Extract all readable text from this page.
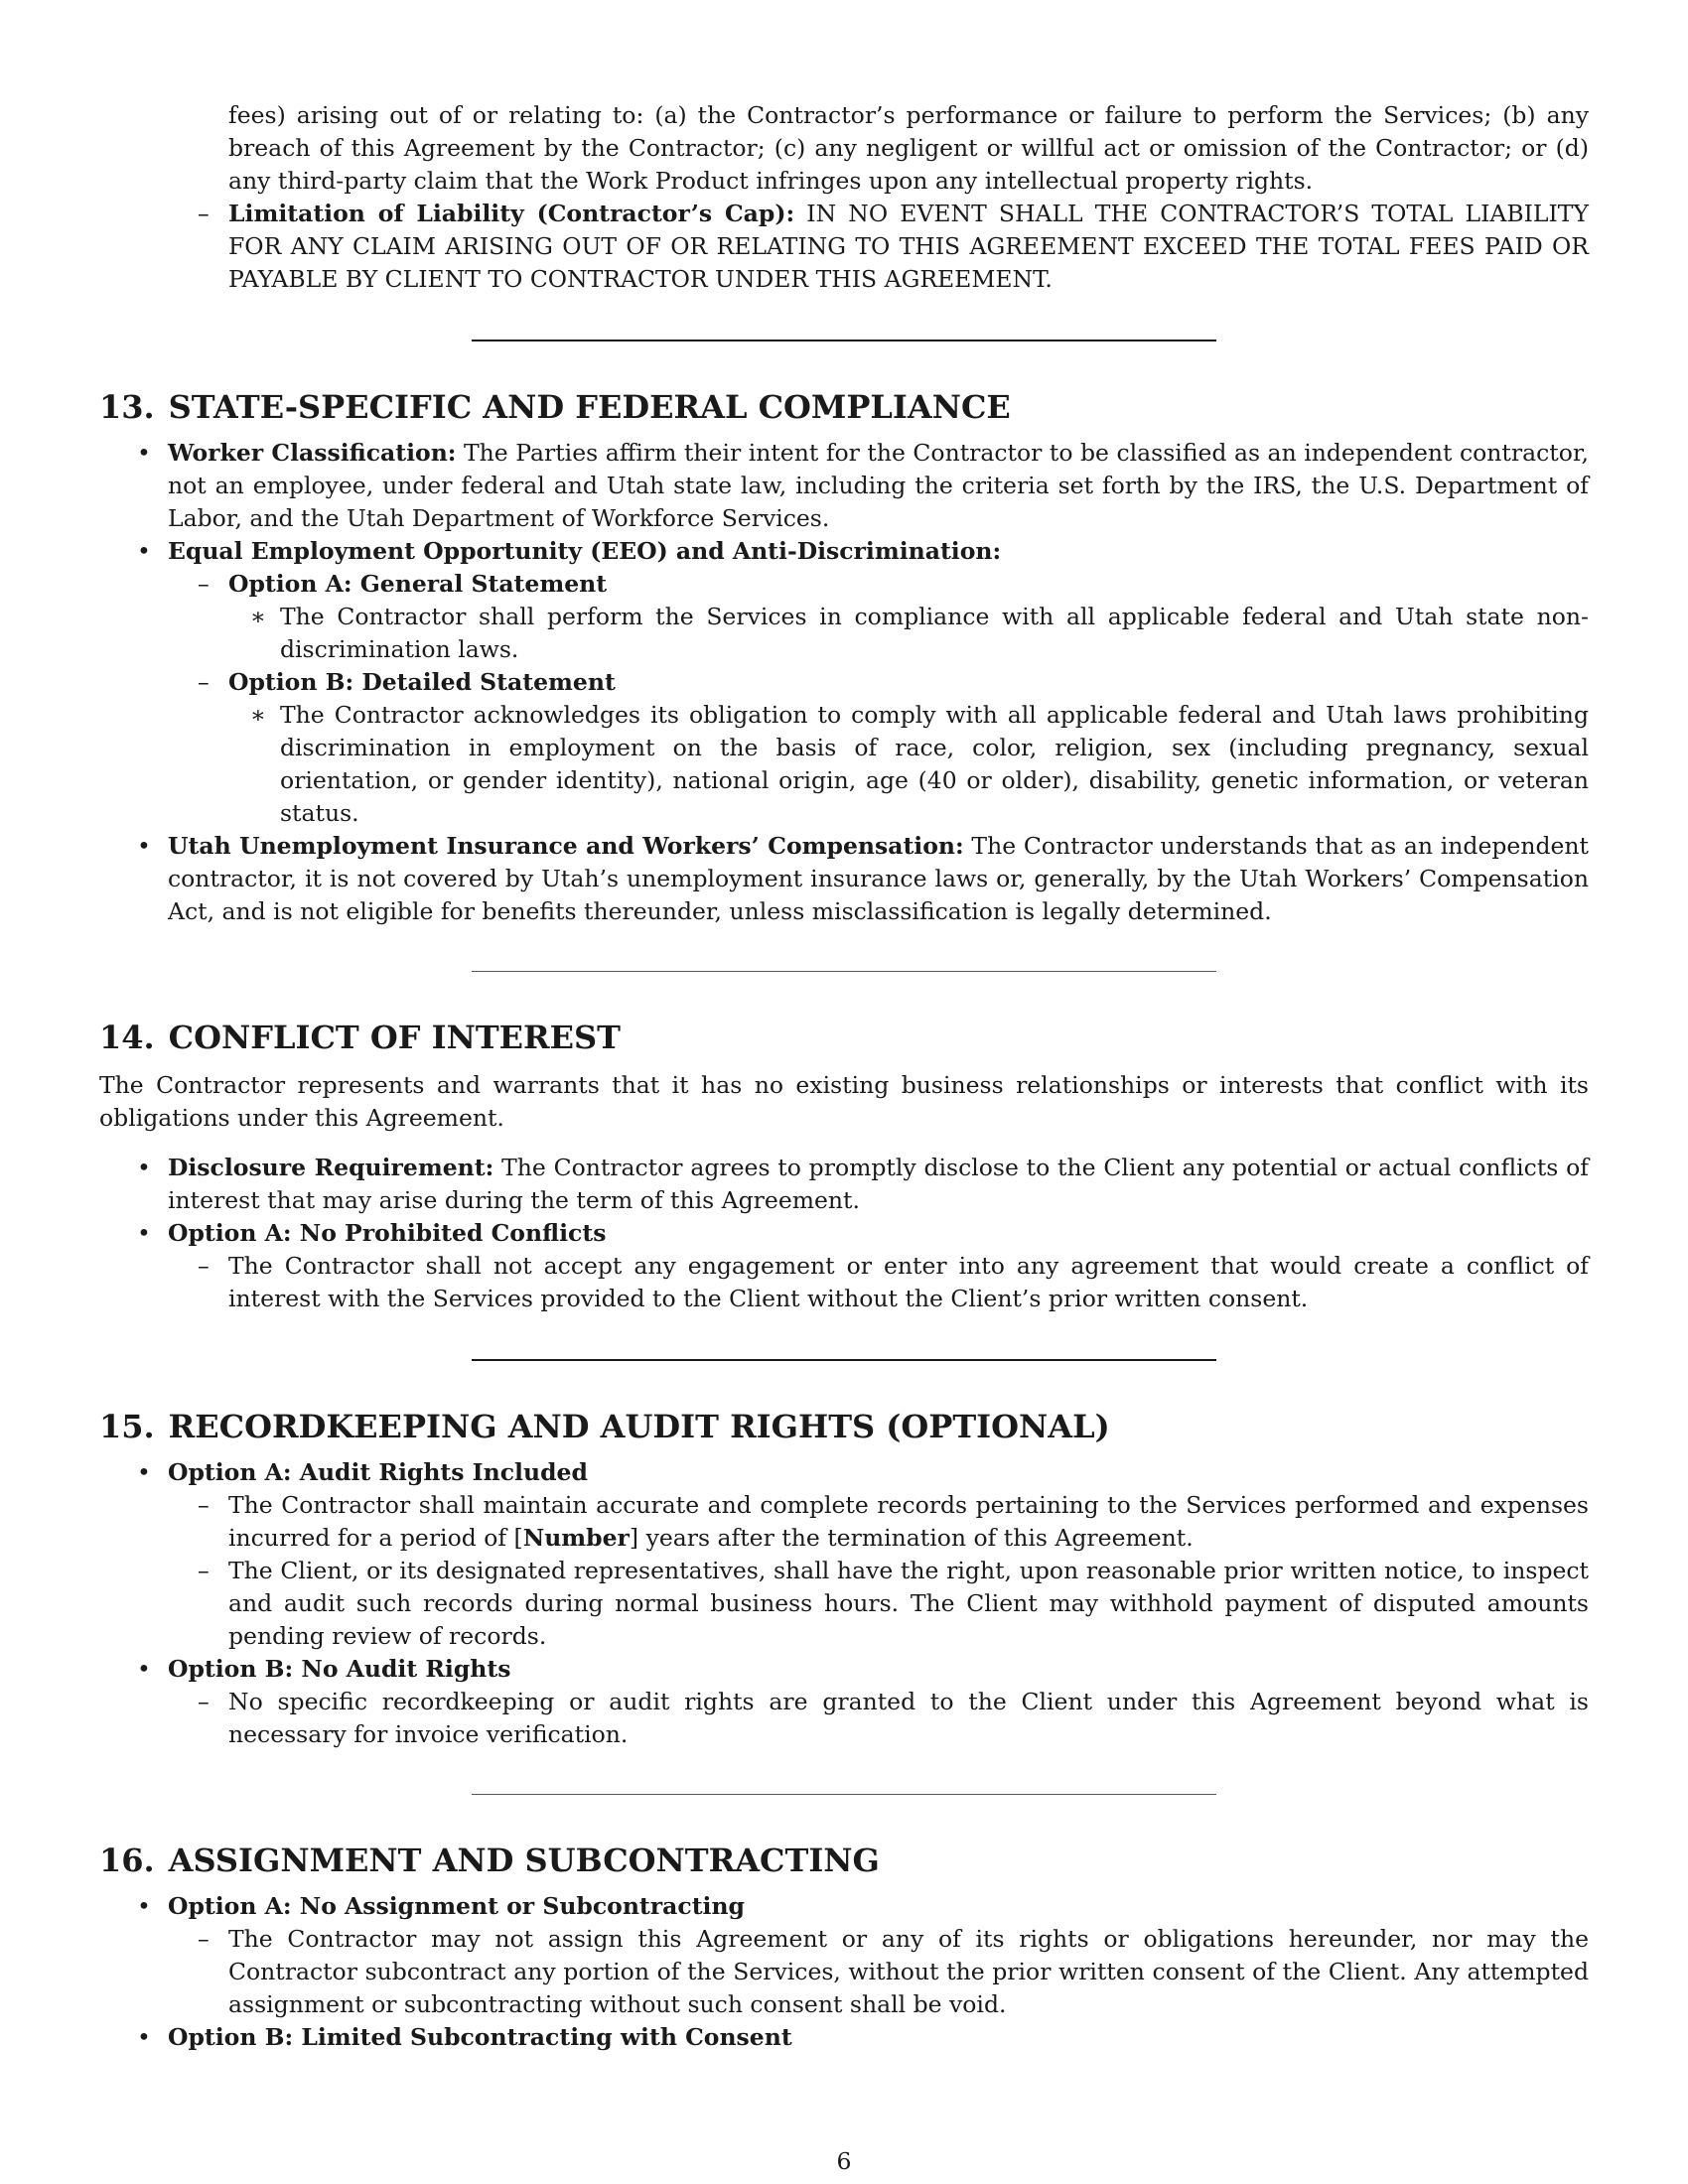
fees) arising out of or relating to: (a) the Contractor’s performance or failure to perform the Services; (b) any breach of this Agreement by the Contractor; (c) any negligent or willful act or omission of the Contractor; or (d) any third-party claim that the Work Product infringes upon any intellectual property rights.

– Limitation of Liability (Contractor’s Cap): IN NO EVENT SHALL THE CONTRACTOR’S TOTAL LIABILITY FOR ANY CLAIM ARISING OUT OF OR RELATING TO THIS AGREEMENT EXCEED THE TOTAL FEES PAID OR PAYABLE BY CLIENT TO CONTRACTOR UNDER THIS AGREEMENT.
13. STATE-SPECIFIC AND FEDERAL COMPLIANCE
• Worker Classification: The Parties affirm their intent for the Contractor to be classified as an independent contractor, not an employee, under federal and Utah state law, including the criteria set forth by the IRS, the U.S. Department of Labor, and the Utah Department of Workforce Services.
• Equal Employment Opportunity (EEO) and Anti-Discrimination:
– Option A: General Statement
∗ The Contractor shall perform the Services in compliance with all applicable federal and Utah state non-discrimination laws.
– Option B: Detailed Statement
∗ The Contractor acknowledges its obligation to comply with all applicable federal and Utah laws prohibiting discrimination in employment on the basis of race, color, religion, sex (including pregnancy, sexual orientation, or gender identity), national origin, age (40 or older), disability, genetic information, or veteran status.
• Utah Unemployment Insurance and Workers’ Compensation: The Contractor understands that as an independent contractor, it is not covered by Utah’s unemployment insurance laws or, generally, by the Utah Workers’ Compensation Act, and is not eligible for benefits thereunder, unless misclassification is legally determined.
14. CONFLICT OF INTEREST

The Contractor represents and warrants that it has no existing business relationships or interests that conflict with its obligations under this Agreement.

• Disclosure Requirement: The Contractor agrees to promptly disclose to the Client any potential or actual conflicts of interest that may arise during the term of this Agreement.
• Option A: No Prohibited Conflicts
– The Contractor shall not accept any engagement or enter into any agreement that would create a conflict of interest with the Services provided to the Client without the Client’s prior written consent.
15. RECORDKEEPING AND AUDIT RIGHTS (OPTIONAL)
• Option A: Audit Rights Included
– The Contractor shall maintain accurate and complete records pertaining to the Services performed and expenses incurred for a period of [Number] years after the termination of this Agreement.
– The Client, or its designated representatives, shall have the right, upon reasonable prior written notice, to inspect and audit such records during normal business hours. The Client may withhold payment of disputed amounts pending review of records.
• Option B: No Audit Rights
– No specific recordkeeping or audit rights are granted to the Client under this Agreement beyond what is necessary for invoice verification.
16. ASSIGNMENT AND SUBCONTRACTING
• Option A: No Assignment or Subcontracting
– The Contractor may not assign this Agreement or any of its rights or obligations hereunder, nor may the Contractor subcontract any portion of the Services, without the prior written consent of the Client. Any attempted assignment or subcontracting without such consent shall be void.
• Option B: Limited Subcontracting with Consent
6
